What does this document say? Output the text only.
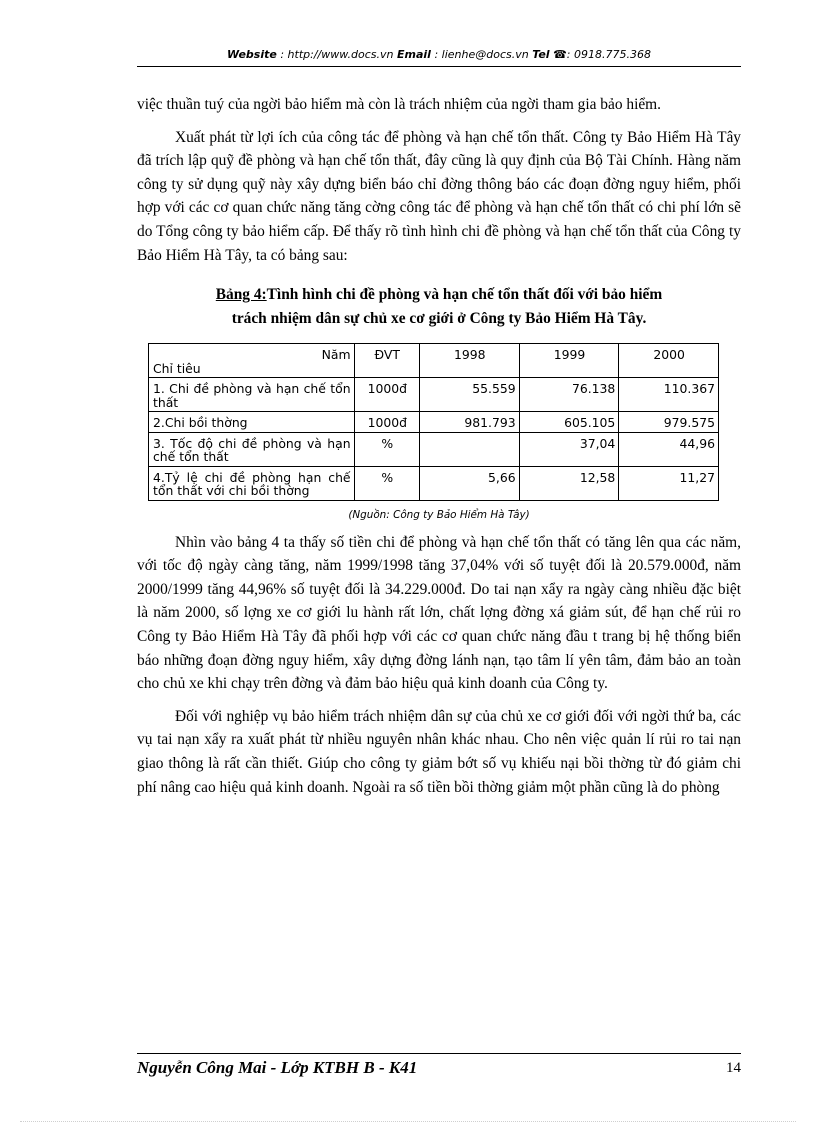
Website : http://www.docs.vn Email : lienhe@docs.vn Tel ☎: 0918.775.368

việc thuần tuý của ngời bảo hiểm mà còn là trách nhiệm của ngời tham gia bảo hiểm.

Xuất phát từ lợi ích của công tác để phòng và hạn chế tổn thất. Công ty Bảo Hiểm Hà Tây đã trích lập quỹ đề phòng và hạn chế tổn thất, đây cũng là quy định của Bộ Tài Chính. Hàng năm công ty sử dụng quỹ này xây dựng biển báo chỉ đờng thông báo các đoạn đờng nguy hiểm, phối hợp với các cơ quan chức năng tăng cờng công tác để phòng và hạn chế tổn thất có chi phí lớn sẽ do Tổng công ty bảo hiểm cấp. Để thấy rõ tình hình chi đề phòng và hạn chế tổn thất của Công ty Bảo Hiểm Hà Tây, ta có bảng sau:

Bảng 4:Tình hình chi đề phòng và hạn chế tổn thất đối với bảo hiểm
trách nhiệm dân sự chủ xe cơ giới ở Công ty Bảo Hiểm Hà Tây.
Năm
Chỉ tiêu	ĐVT	1998	1999	2000
1. Chi đề phòng và hạn chế tổn thất	1000đ	55.559	76.138	110.367
2.Chi bồi thờng	1000đ	981.793	605.105	979.575
3. Tốc độ chi đề phòng và hạn chế tổn thất	%		37,04	44,96
4.Tỷ lệ chi đề phòng hạn chế tổn thất với chi bồi thờng	%	5,66	12,58	11,27
(Nguồn: Công ty Bảo Hiểm Hà Tây)

Nhìn vào bảng 4 ta thấy số tiền chi để phòng và hạn chế tổn thất có tăng lên qua các năm, với tốc độ ngày càng tăng, năm 1999/1998 tăng 37,04% với số tuyệt đối là 20.579.000đ, năm 2000/1999 tăng 44,96% số tuyệt đối là 34.229.000đ. Do tai nạn xẩy ra ngày càng nhiều đặc biệt là năm 2000, số lợng xe cơ giới lu hành rất lớn, chất lợng đờng xá giảm sút, để hạn chế rủi ro Công ty Bảo Hiểm Hà Tây đã phối hợp với các cơ quan chức năng đầu t trang bị hệ thống biển báo những đoạn đờng nguy hiểm, xây dựng đờng lánh nạn, tạo tâm lí yên tâm, đảm bảo an toàn cho chủ xe khi chạy trên đờng và đảm bảo hiệu quả kinh doanh của Công ty.

Đối với nghiệp vụ bảo hiểm trách nhiệm dân sự của chủ xe cơ giới đối với ngời thứ ba, các vụ tai nạn xẩy ra xuất phát từ nhiều nguyên nhân khác nhau. Cho nên việc quản lí rủi ro tai nạn giao thông là rất cần thiết. Giúp cho công ty giảm bớt số vụ khiếu nại bồi thờng từ đó giảm chi phí nâng cao hiệu quả kinh doanh. Ngoài ra số tiền bồi thờng giảm một phần cũng là do phòng

Nguyễn Công Mai - Lớp KTBH B - K41	14
